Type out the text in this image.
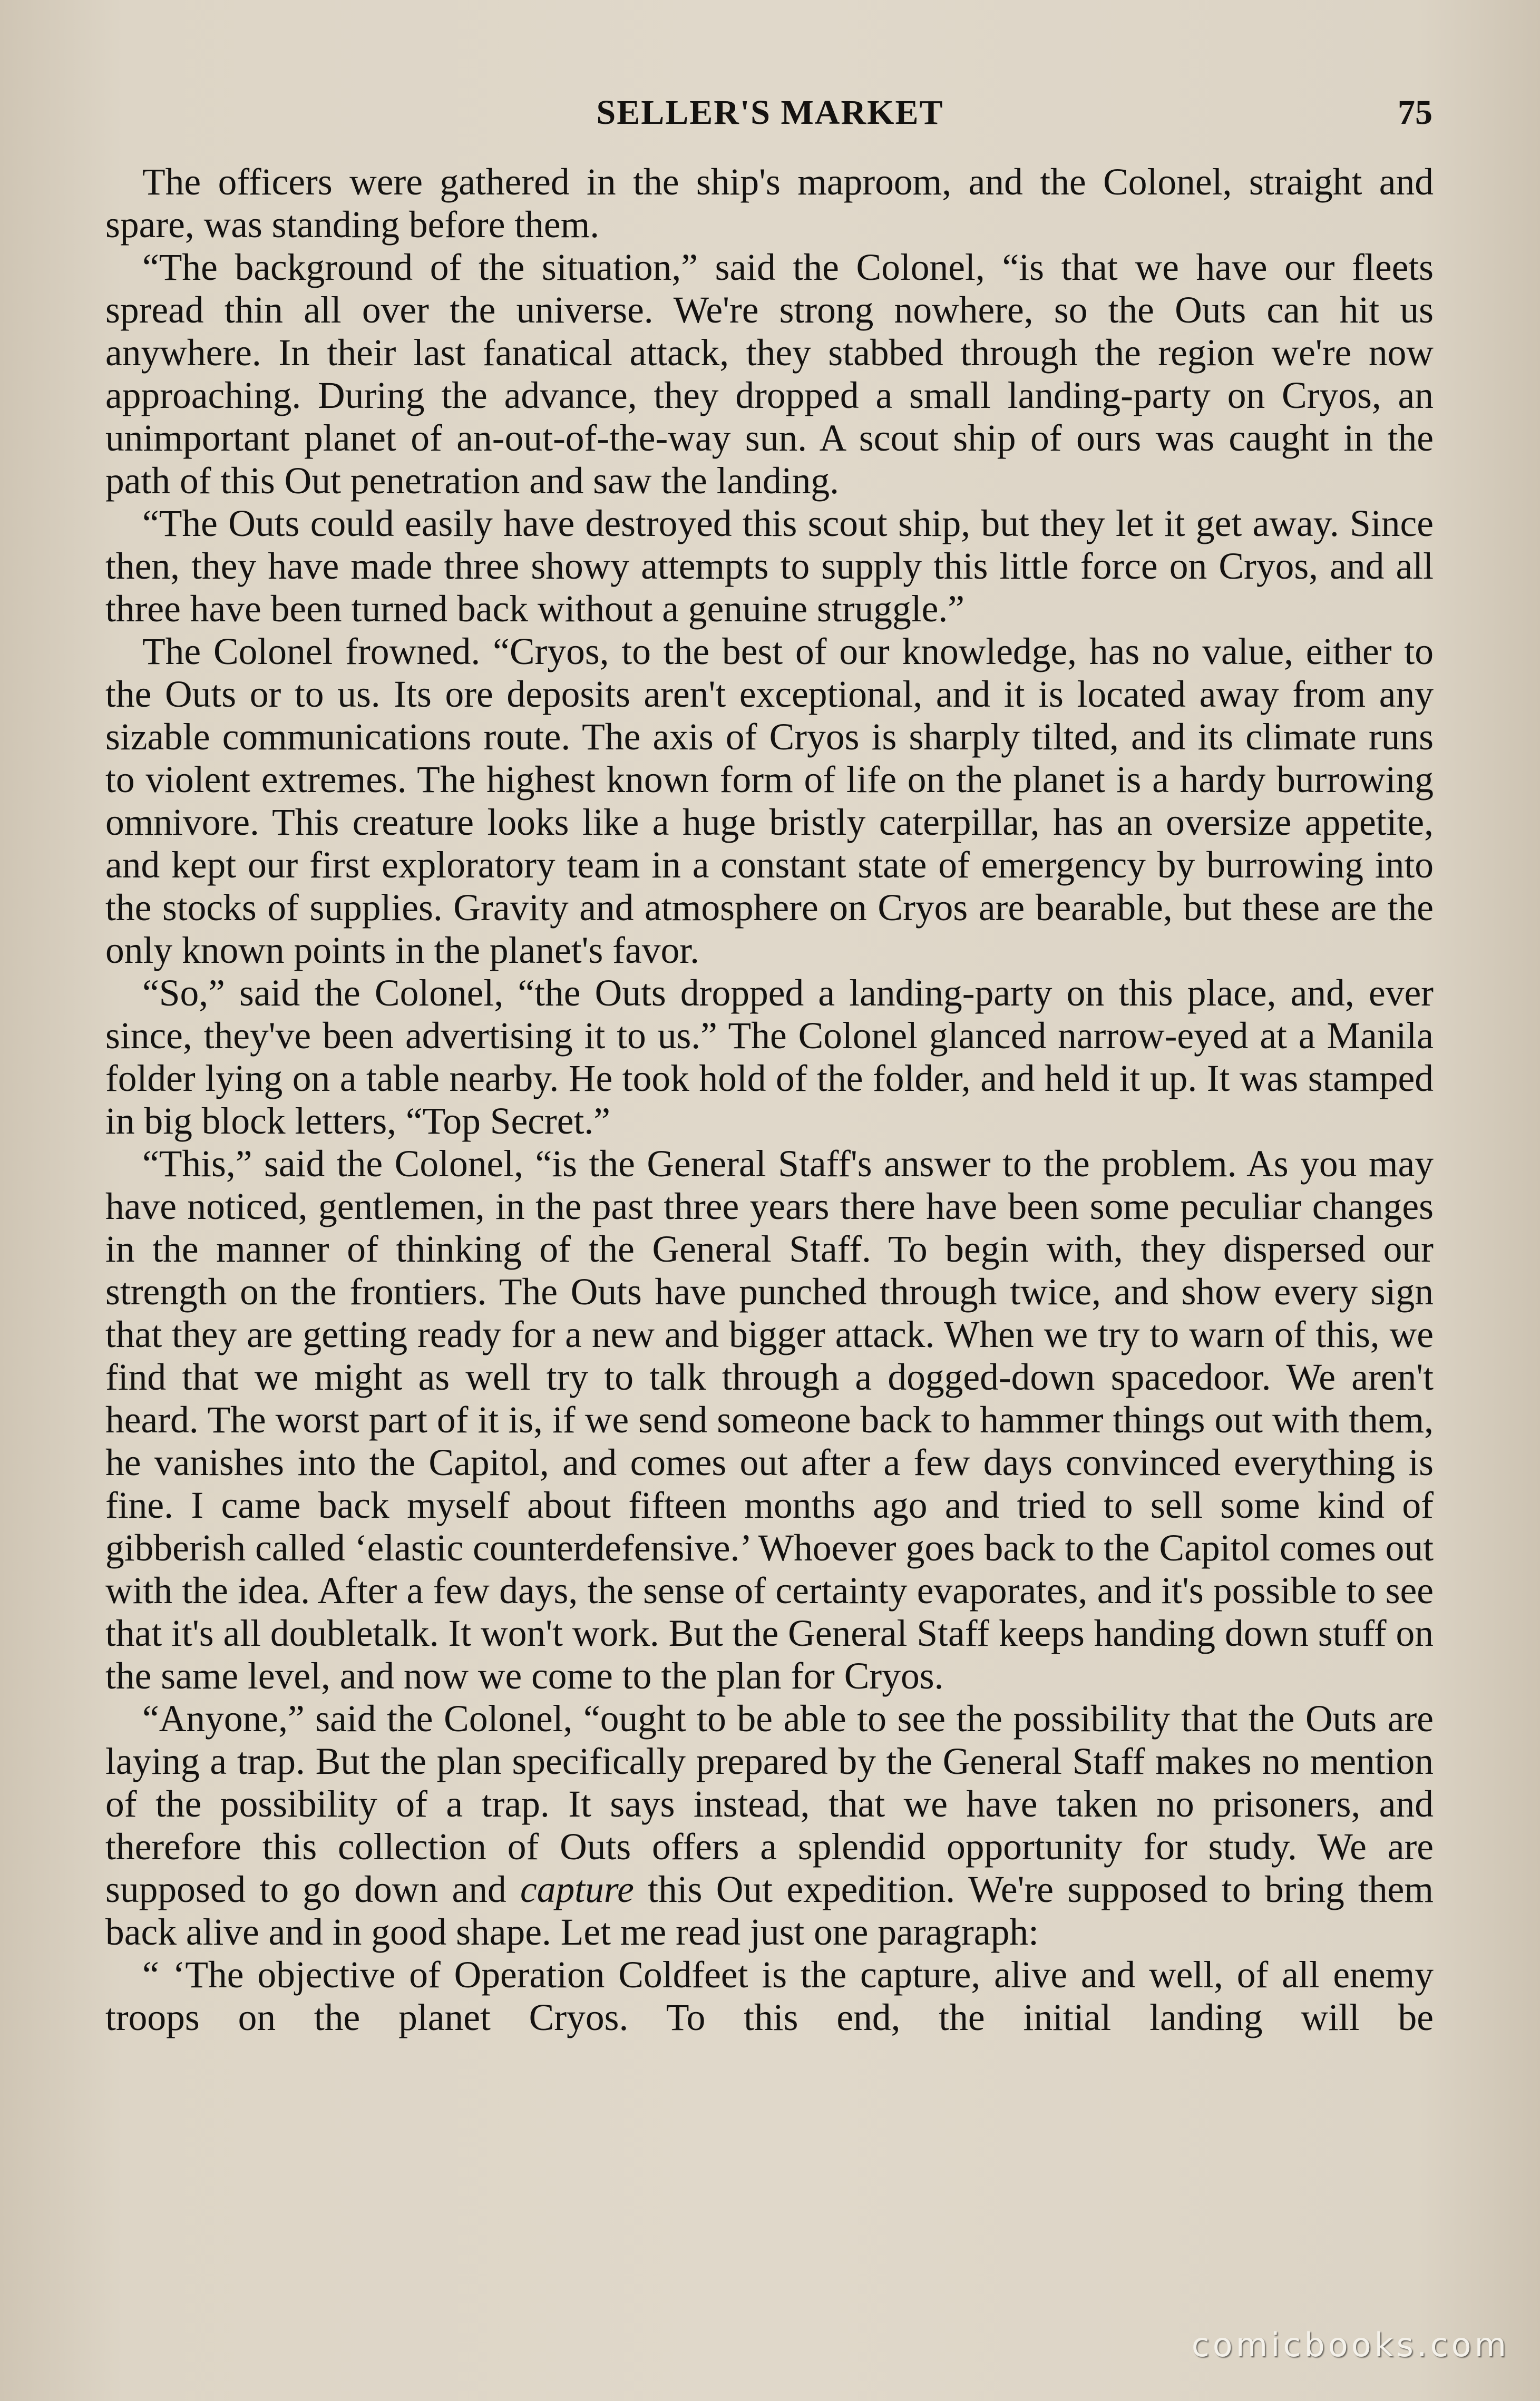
SELLER'S MARKET	75

The officers were gathered in the ship's maproom, and the Colonel, straight and spare, was standing before them.

“The background of the situation,” said the Colonel, “is that we have our fleets spread thin all over the universe. We're strong nowhere, so the Outs can hit us anywhere. In their last fanatical attack, they stabbed through the region we're now approaching. During the advance, they dropped a small landing-party on Cryos, an unimportant planet of an-out-of-the-way sun. A scout ship of ours was caught in the path of this Out penetration and saw the landing.

“The Outs could easily have destroyed this scout ship, but they let it get away. Since then, they have made three showy attempts to supply this little force on Cryos, and all three have been turned back without a genuine struggle.”

The Colonel frowned. “Cryos, to the best of our knowledge, has no value, either to the Outs or to us. Its ore deposits aren't exceptional, and it is located away from any sizable communications route. The axis of Cryos is sharply tilted, and its climate runs to violent extremes. The highest known form of life on the planet is a hardy burrowing omnivore. This creature looks like a huge bristly caterpillar, has an oversize appetite, and kept our first exploratory team in a constant state of emergency by burrowing into the stocks of supplies. Gravity and atmosphere on Cryos are bearable, but these are the only known points in the planet's favor.

“So,” said the Colonel, “the Outs dropped a landing-party on this place, and, ever since, they've been advertising it to us.” The Colonel glanced narrow-eyed at a Manila folder lying on a table nearby. He took hold of the folder, and held it up. It was stamped in big block letters, “Top Secret.”

“This,” said the Colonel, “is the General Staff's answer to the problem. As you may have noticed, gentlemen, in the past three years there have been some peculiar changes in the manner of thinking of the General Staff. To begin with, they dispersed our strength on the frontiers. The Outs have punched through twice, and show every sign that they are getting ready for a new and bigger attack. When we try to warn of this, we find that we might as well try to talk through a dogged-down spacedoor. We aren't heard. The worst part of it is, if we send someone back to hammer things out with them, he vanishes into the Capitol, and comes out after a few days convinced everything is fine. I came back myself about fifteen months ago and tried to sell some kind of gibberish called ‘elastic counterdefensive.’ Whoever goes back to the Capitol comes out with the idea. After a few days, the sense of certainty evaporates, and it's possible to see that it's all doubletalk. It won't work. But the General Staff keeps handing down stuff on the same level, and now we come to the plan for Cryos.

“Anyone,” said the Colonel, “ought to be able to see the possibility that the Outs are laying a trap. But the plan specifically prepared by the General Staff makes no mention of the possibility of a trap. It says instead, that we have taken no prisoners, and therefore this collection of Outs offers a splendid opportunity for study. We are supposed to go down and capture this Out expedition. We're supposed to bring them back alive and in good shape. Let me read just one paragraph:

“ ‘The objective of Operation Coldfeet is the capture, alive and well, of all enemy troops on the planet Cryos. To this end, the initial landing will be

comicbooks.com
